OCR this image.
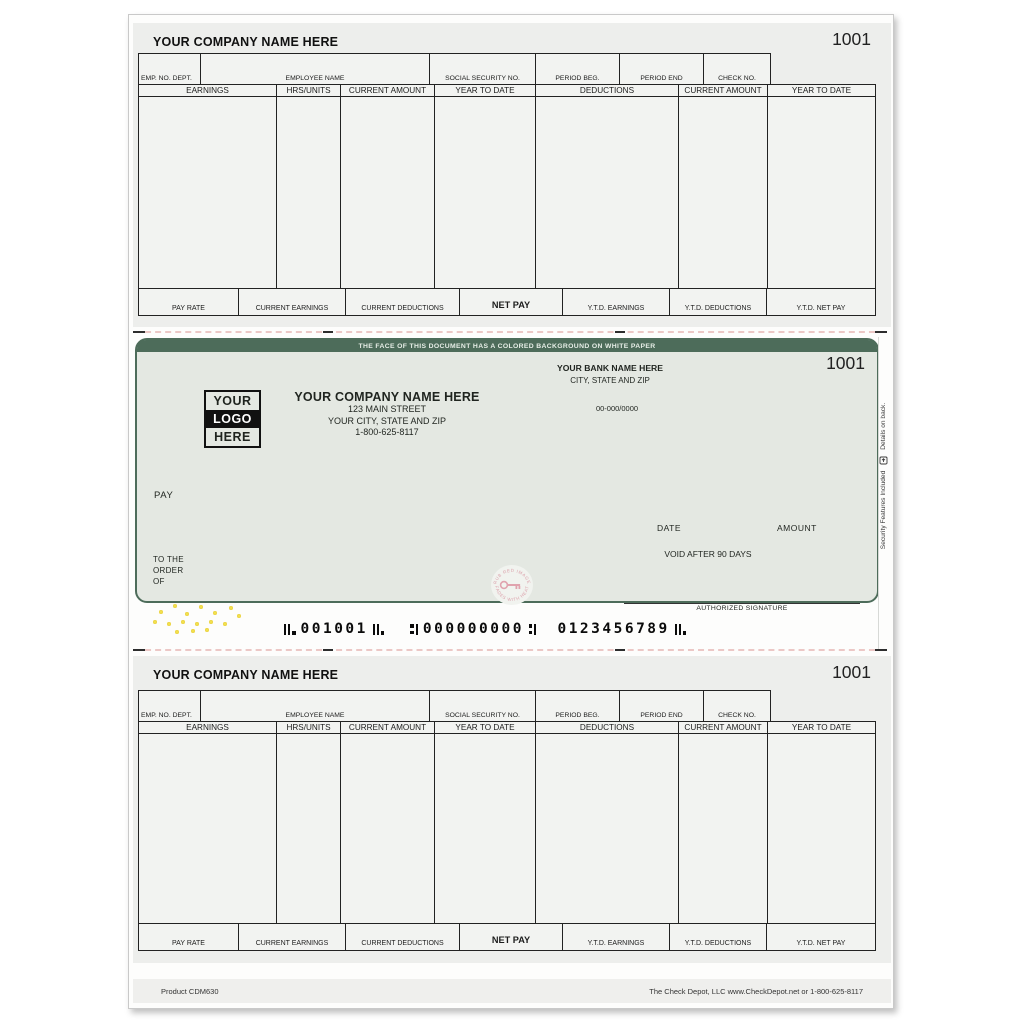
YOUR COMPANY NAME HERE	1001
EMP. NO. DEPT.	EMPLOYEE NAME	SOCIAL SECURITY NO.	PERIOD BEG.	PERIOD END	CHECK NO.
EARNINGS	HRS/UNITS	CURRENT AMOUNT	YEAR TO DATE	DEDUCTIONS	CURRENT AMOUNT	YEAR TO DATE
PAY RATE	CURRENT EARNINGS	CURRENT DEDUCTIONS	NET PAY	Y.T.D. EARNINGS	Y.T.D. DEDUCTIONS	Y.T.D. NET PAY
THE FACE OF THIS DOCUMENT HAS A COLORED BACKGROUND ON WHITE PAPER
YOUR BANK NAME HERE
CITY, STATE AND ZIP
1001
YOUR
LOGO
HERE
YOUR COMPANY NAME HERE
123 MAIN STREET
YOUR CITY, STATE AND ZIP
1-800-625-8117
00-000/0000
PAY
TO THE
ORDER
OF
DATE	AMOUNT
VOID AFTER 90 DAYS
AUTHORIZED SIGNATURE
RUB RED IMAGE
FADES WITH HEAT
Security Features Included
Details on back.
001001	000000000 0123456789
YOUR COMPANY NAME HERE	1001
EMP. NO. DEPT.	EMPLOYEE NAME	SOCIAL SECURITY NO.	PERIOD BEG.	PERIOD END	CHECK NO.
EARNINGS	HRS/UNITS	CURRENT AMOUNT	YEAR TO DATE	DEDUCTIONS	CURRENT AMOUNT	YEAR TO DATE
PAY RATE	CURRENT EARNINGS	CURRENT DEDUCTIONS	NET PAY	Y.T.D. EARNINGS	Y.T.D. DEDUCTIONS	Y.T.D. NET PAY
Product CDM630	The Check Depot, LLC www.CheckDepot.net or 1-800-625-8117
